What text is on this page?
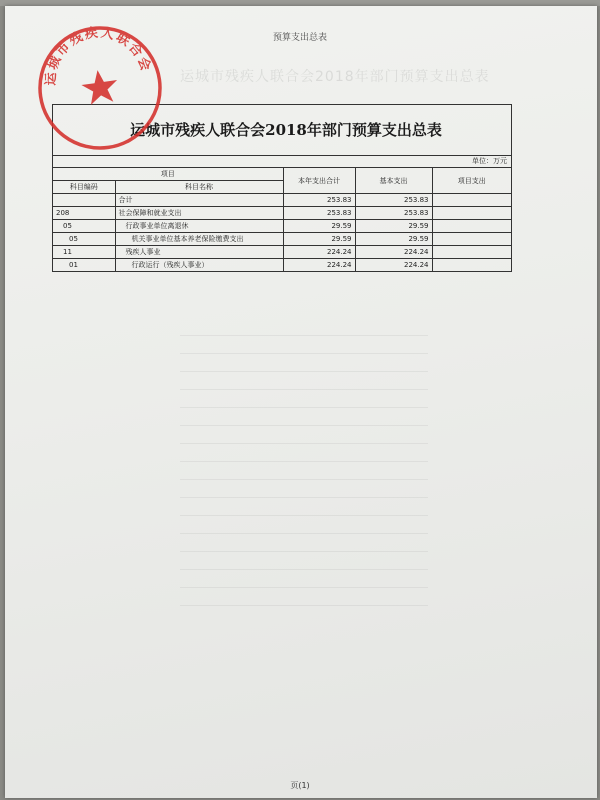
预算支出总表
运城市残疾人联合会2018年部门预算支出总表
运城市残疾人联合会2018年部门预算支出总表
单位：万元
项目		本年支出合计	基本支出	项目支出
科目编码	科目名称			
	合计	253.83	253.83	
208	社会保障和就业支出	253.83	253.83	
05	行政事业单位离退休	29.59	29.59	
05	机关事业单位基本养老保险缴费支出	29.59	29.59	
11	残疾人事业	224.24	224.24	
01	行政运行（残疾人事业）	224.24	224.24	
运城市残疾人联合会
页(1)
